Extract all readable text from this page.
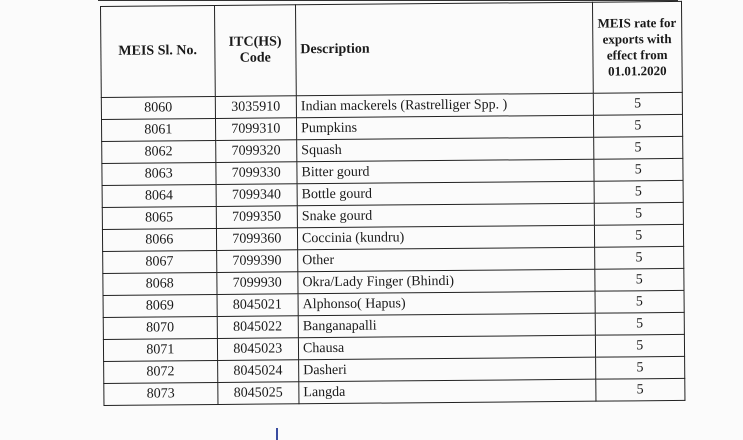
MEIS Sl. No.	ITC(HS) Code	Description	MEIS rate for exports with effect from 01.01.2020
8060	3035910	Indian mackerels (Rastrelliger Spp. )	5
8061	7099310	Pumpkins	5
8062	7099320	Squash	5
8063	7099330	Bitter gourd	5
8064	7099340	Bottle gourd	5
8065	7099350	Snake gourd	5
8066	7099360	Coccinia (kundru)	5
8067	7099390	Other	5
8068	7099930	Okra/Lady Finger (Bhindi)	5
8069	8045021	Alphonso( Hapus)	5
8070	8045022	Banganapalli	5
8071	8045023	Chausa	5
8072	8045024	Dasheri	5
8073	8045025	Langda	5
